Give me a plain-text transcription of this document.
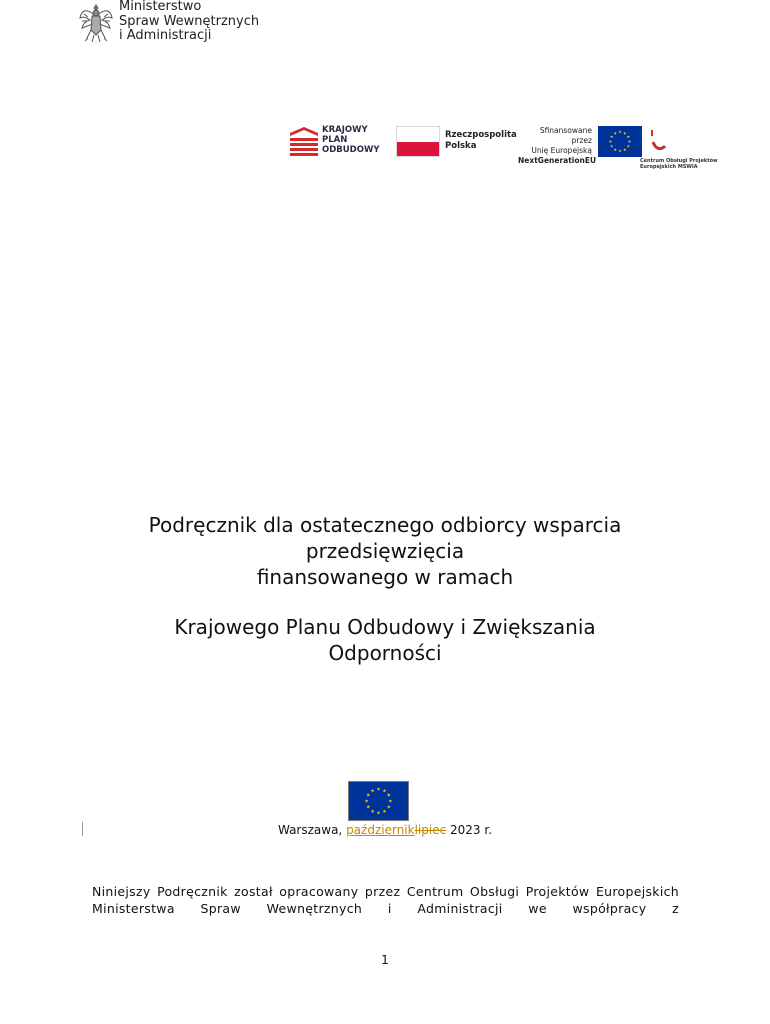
Ministerstwo
Spraw Wewnętrznych
i Administracji
KRAJOWY
PLAN
ODBUDOWY
Rzeczpospolita
Polska
Sfinansowane przez
Unię Europejską
NextGenerationEU	Centrum Obsługi Projektów
Europejskich MSWiA
Podręcznik dla ostatecznego odbiorcy wsparcia
przedsięwzięcia
finansowanego w ramach
Krajowego Planu Odbudowy i Zwiększania
Odporności
Warszawa, październiklipiec 2023 r.
Niniejszy Podręcznik został opracowany przez Centrum Obsługi Projektów Europejskich Ministerstwa Spraw Wewnętrznych i Administracji we współpracy z
1
